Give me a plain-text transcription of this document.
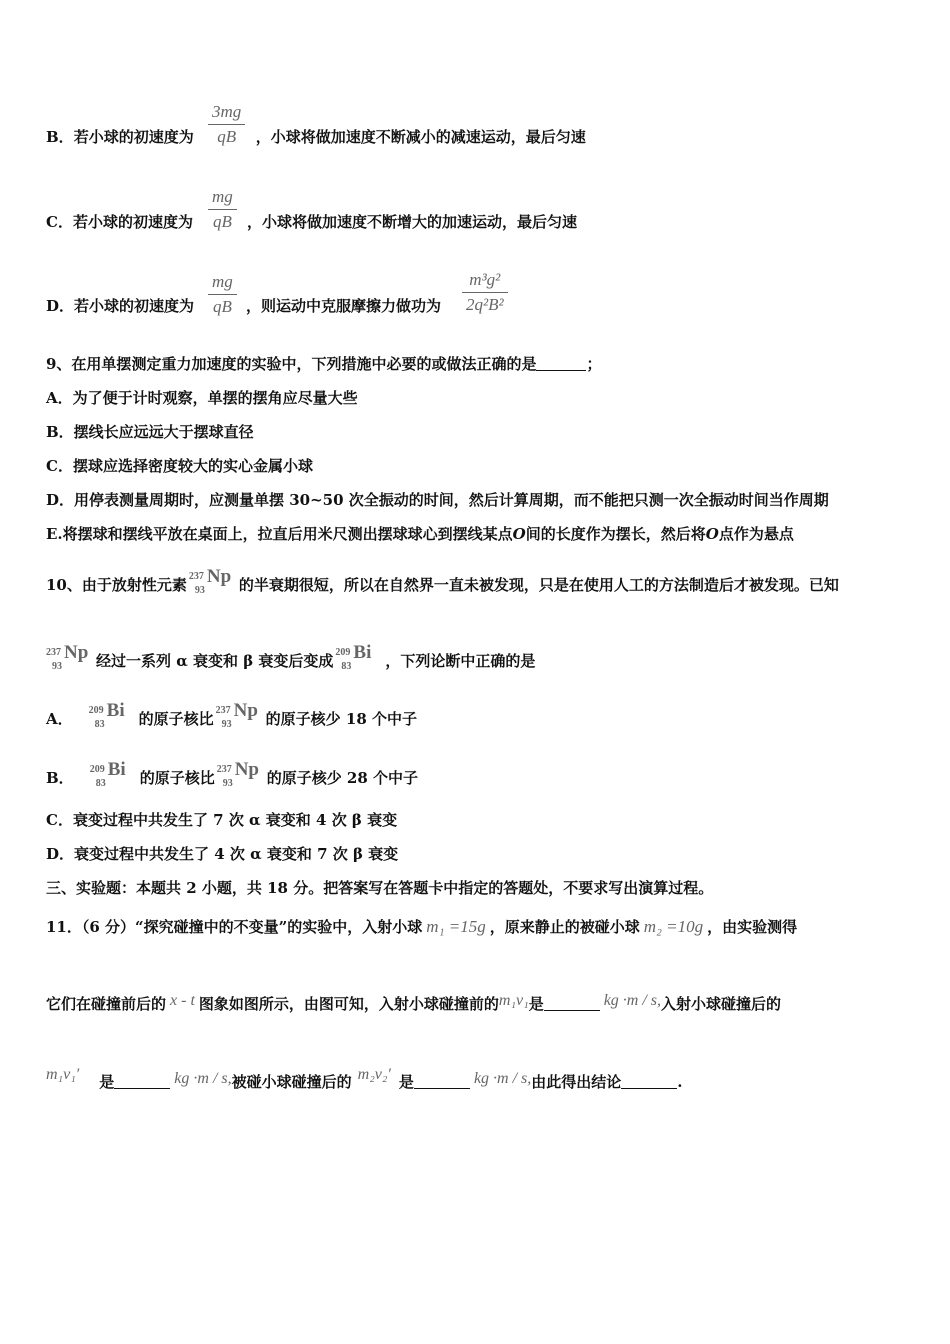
B．若小球的初速度为	，小球将做加速度不断减小的减速运动，最后匀速
3mg
qB
C．若小球的初速度为	，小球将做加速度不断增大的加速运动，最后匀速
mg
qB
D．若小球的初速度为	，则运动中克服摩擦力做功为
mg
qB
m³g²
2q²B²
9、在用单摆测定重力加速度的实验中，下列措施中必要的或做法正确的是	；
A．为了便于计时观察，单摆的摆角应尽量大些
B．摆线长应远远大于摆球直径
C．摆球应选择密度较大的实心金属小球
D．用停表测量周期时，应测量单摆 30~50 次全振动的时间，然后计算周期，而不能把只测一次全振动时间当作周期
E.将摆球和摆线平放在桌面上，拉直后用米尺测出摆球球心到摆线某点O间的长度作为摆长，然后将O点作为悬点
10、由于放射性元素 237
93
Np 的半衰期很短，所以在自然界一直未被发现，只是在使用人工的方法制造后才被发现。已知
237
93
Np 经过一系列 α 衰变和 β 衰变后变成 209
83
Bi ，下列论断中正确的是
A． 209
83
Bi 的原子核比 237
93
Np 的原子核少 18 个中子
B． 209
83
Bi 的原子核比 237
93
Np 的原子核少 28 个中子
C．衰变过程中共发生了 7 次 α 衰变和 4 次 β 衰变
D．衰变过程中共发生了 4 次 α 衰变和 7 次 β 衰变
三、实验题：本题共 2 小题，共 18 分。把答案写在答题卡中指定的答题处，不要求写出演算过程。
11．（6 分）“探究碰撞中的不变量”的实验中，入射小球 m₁ =15g ，原来静止的被碰小球 m₂ =10g ，由实验测得
它们在碰撞前后的 x - t 图象如图所示，由图可知，入射小球碰撞前的m₁v₁是	kg ·m / s,入射小球碰撞后的
m₁v₁′ 是	kg ·m / s,被碰小球碰撞后的 m₂v₂′ 是	kg ·m / s,由此得出结论	.
